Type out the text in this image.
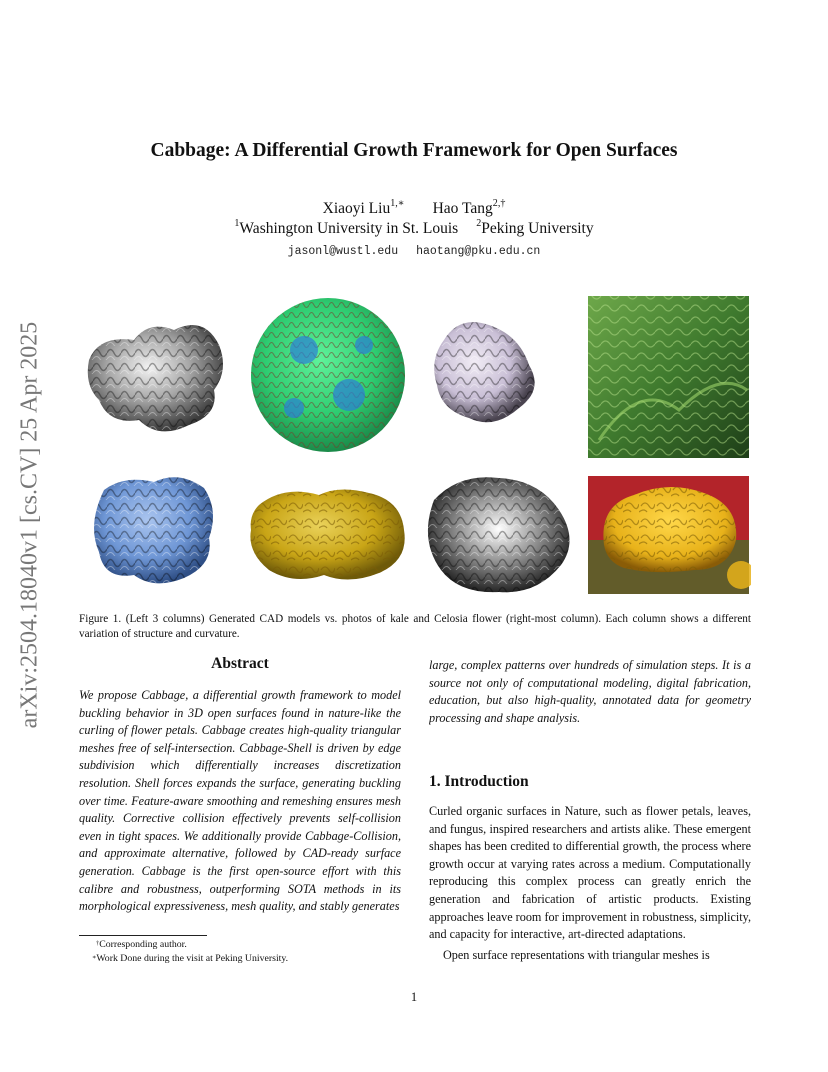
arXiv:2504.18040v1 [cs.CV] 25 Apr 2025
Cabbage: A Differential Growth Framework for Open Surfaces
Xiaoyi Liu$^{1,∗}$ Hao Tang$^{2,\dagger}$
$^1$Washington University in St. Louis $^2$Peking University
jasonl@wustl.edu haotang@pku.edu.cn
Figure 1. (Left 3 columns) Generated CAD models vs. photos of kale and Celosia flower (right-most column). Each column shows a different variation of structure and curvature.
Abstract
We propose Cabbage, a differential growth framework to model buckling behavior in 3D open surfaces found in nature-like the curling of flower petals. Cabbage creates high-quality triangular meshes free of self-intersection. Cabbage-Shell is driven by edge subdivision which differentially increases discretization resolution. Shell forces expands the surface, generating buckling over time. Feature-aware smoothing and remeshing ensures mesh quality. Corrective collision effectively prevents self-collision even in tight spaces. We additionally provide Cabbage-Collision, and approximate alternative, followed by CAD-ready surface generation. Cabbage is the first open-source effort with this calibre and robustness, outperforming SOTA methods in its morphological expressiveness, mesh quality, and stably generates
large, complex patterns over hundreds of simulation steps. It is a source not only of computational modeling, digital fabrication, education, but also high-quality, annotated data for geometry processing and shape analysis.
1. Introduction
Curled organic surfaces in Nature, such as flower petals, leaves, and fungus, inspired researchers and artists alike. These emergent shapes has been credited to differential growth, the process where growth occur at varying rates across a medium. Computationally reproducing this complex process can greatly enrich the generation and fabrication of artistic products. Existing approaches leave room for improvement in robustness, simplicity, and capacity for interactive, art-directed adaptations.
Open surface representations with triangular meshes is
†Corresponding author.
∗Work Done during the visit at Peking University.
1
